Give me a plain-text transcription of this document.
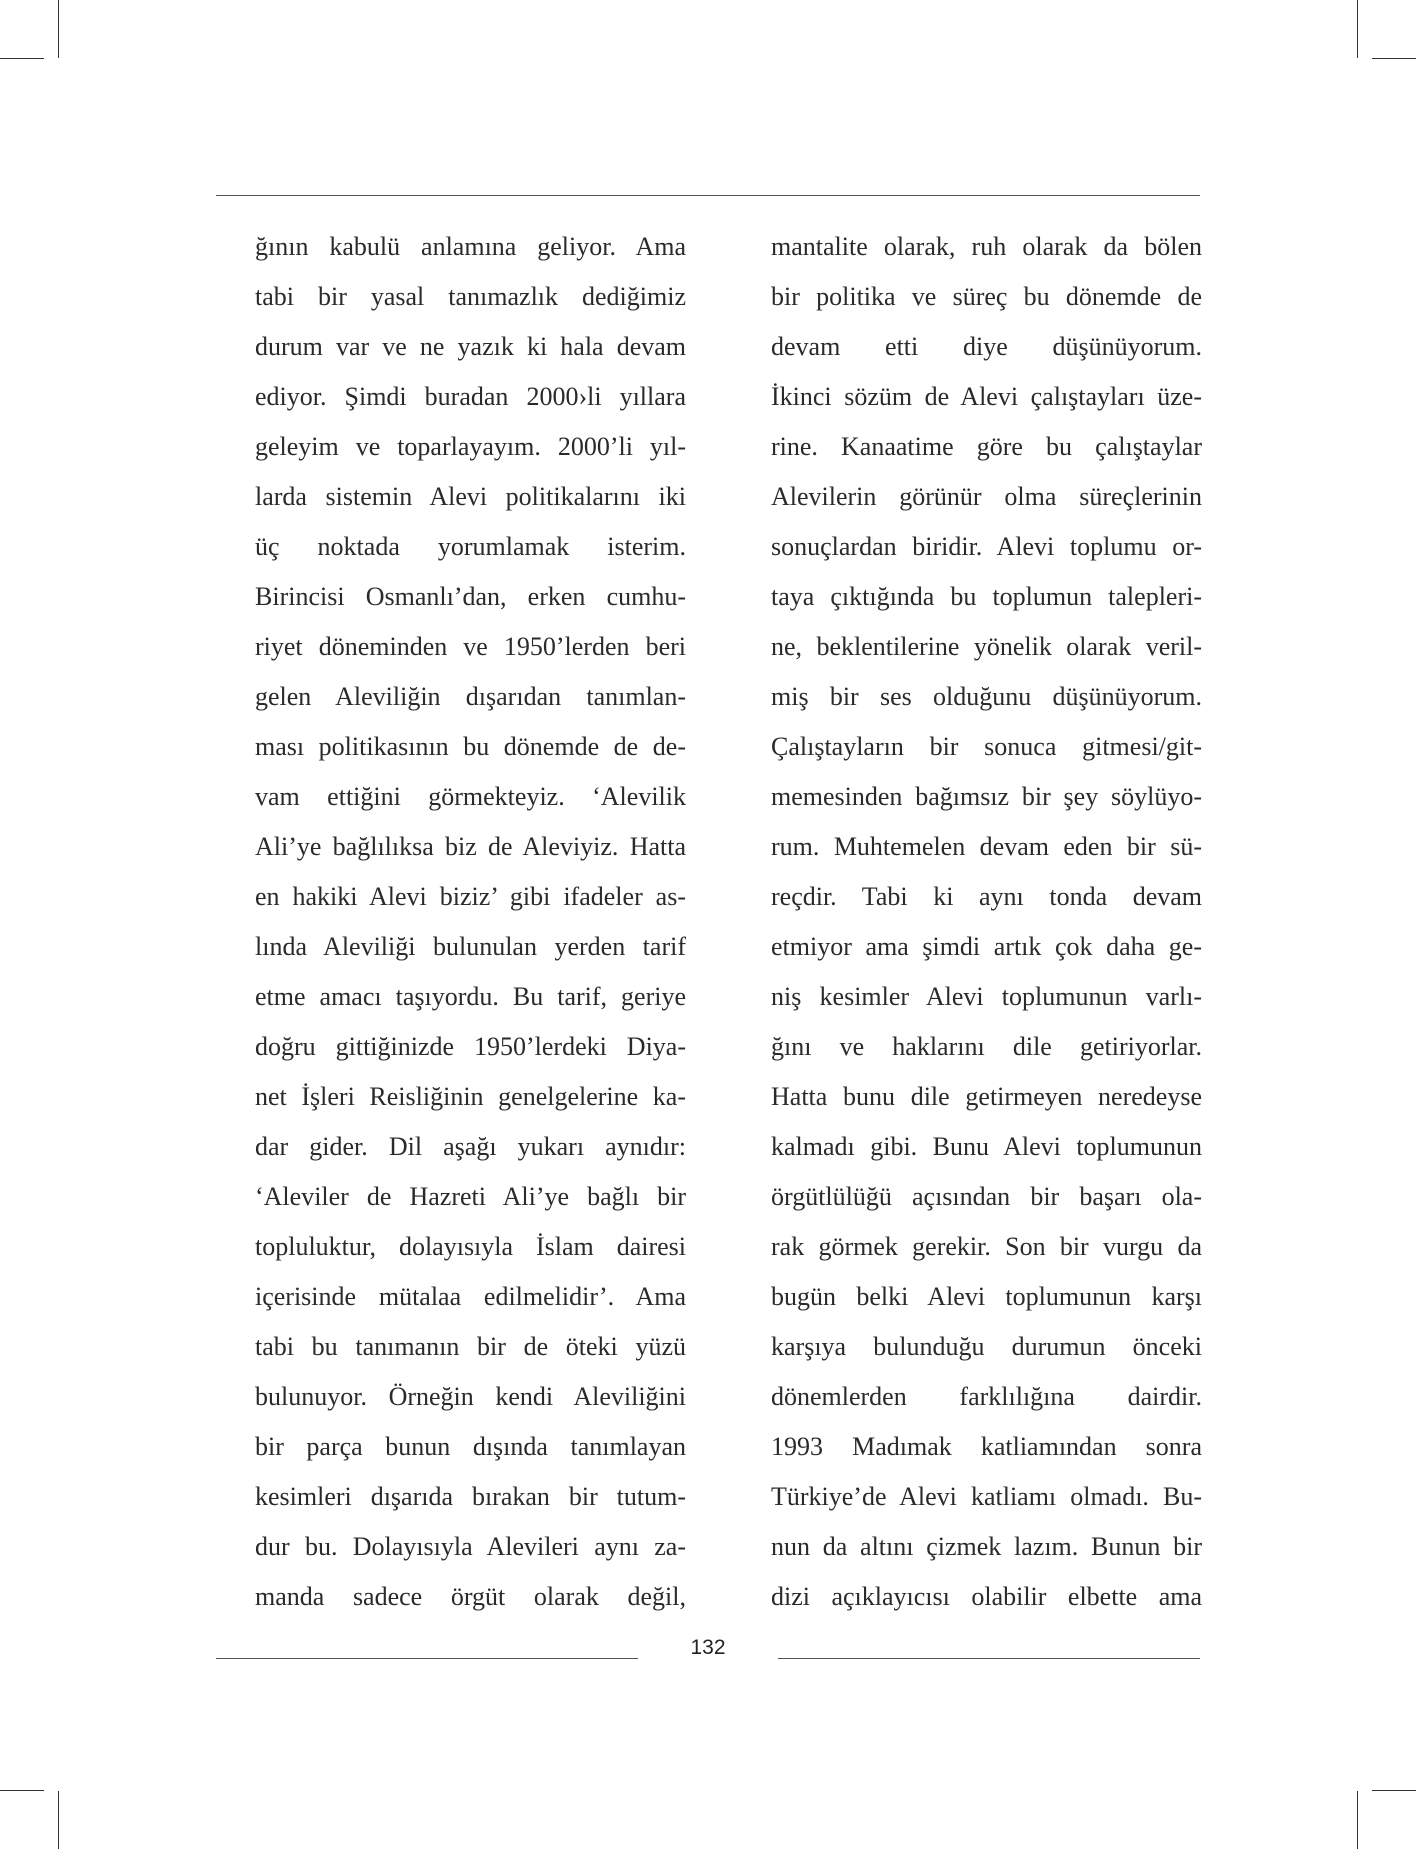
ğının kabulü anlamına geliyor. Ama
tabi bir yasal tanımazlık dediğimiz
durum var ve ne yazık ki hala devam
ediyor. Şimdi buradan 2000›li yıllara
geleyim ve toparlayayım. 2000’li yıl-
larda sistemin Alevi politikalarını iki
üç noktada yorumlamak isterim.
Birincisi Osmanlı’dan, erken cumhu-
riyet döneminden ve 1950’lerden beri
gelen Aleviliğin dışarıdan tanımlan-
ması politikasının bu dönemde de de-
vam ettiğini görmekteyiz. ‘Alevilik
Ali’ye bağlılıksa biz de Aleviyiz. Hatta
en hakiki Alevi biziz’ gibi ifadeler as-
lında Aleviliği bulunulan yerden tarif
etme amacı taşıyordu. Bu tarif, geriye
doğru gittiğinizde 1950’lerdeki Diya-
net İşleri Reisliğinin genelgelerine ka-
dar gider. Dil aşağı yukarı aynıdır:
‘Aleviler de Hazreti Ali’ye bağlı bir
topluluktur, dolayısıyla İslam dairesi
içerisinde mütalaa edilmelidir’. Ama
tabi bu tanımanın bir de öteki yüzü
bulunuyor. Örneğin kendi Aleviliğini
bir parça bunun dışında tanımlayan
kesimleri dışarıda bırakan bir tutum-
dur bu. Dolayısıyla Alevileri aynı za-
manda sadece örgüt olarak değil,
mantalite olarak, ruh olarak da bölen
bir politika ve süreç bu dönemde de
devam etti diye düşünüyorum.
İkinci sözüm de Alevi çalıştayları üze-
rine. Kanaatime göre bu çalıştaylar
Alevilerin görünür olma süreçlerinin
sonuçlardan biridir. Alevi toplumu or-
taya çıktığında bu toplumun talepleri-
ne, beklentilerine yönelik olarak veril-
miş bir ses olduğunu düşünüyorum.
Çalıştayların bir sonuca gitmesi/git-
memesinden bağımsız bir şey söylüyo-
rum. Muhtemelen devam eden bir sü-
reçdir. Tabi ki aynı tonda devam
etmiyor ama şimdi artık çok daha ge-
niş kesimler Alevi toplumunun varlı-
ğını ve haklarını dile getiriyorlar.
Hatta bunu dile getirmeyen neredeyse
kalmadı gibi. Bunu Alevi toplumunun
örgütlülüğü açısından bir başarı ola-
rak görmek gerekir. Son bir vurgu da
bugün belki Alevi toplumunun karşı
karşıya bulunduğu durumun önceki
dönemlerden farklılığına dairdir.
1993 Madımak katliamından sonra
Türkiye’de Alevi katliamı olmadı. Bu-
nun da altını çizmek lazım. Bunun bir
dizi açıklayıcısı olabilir elbette ama
132
